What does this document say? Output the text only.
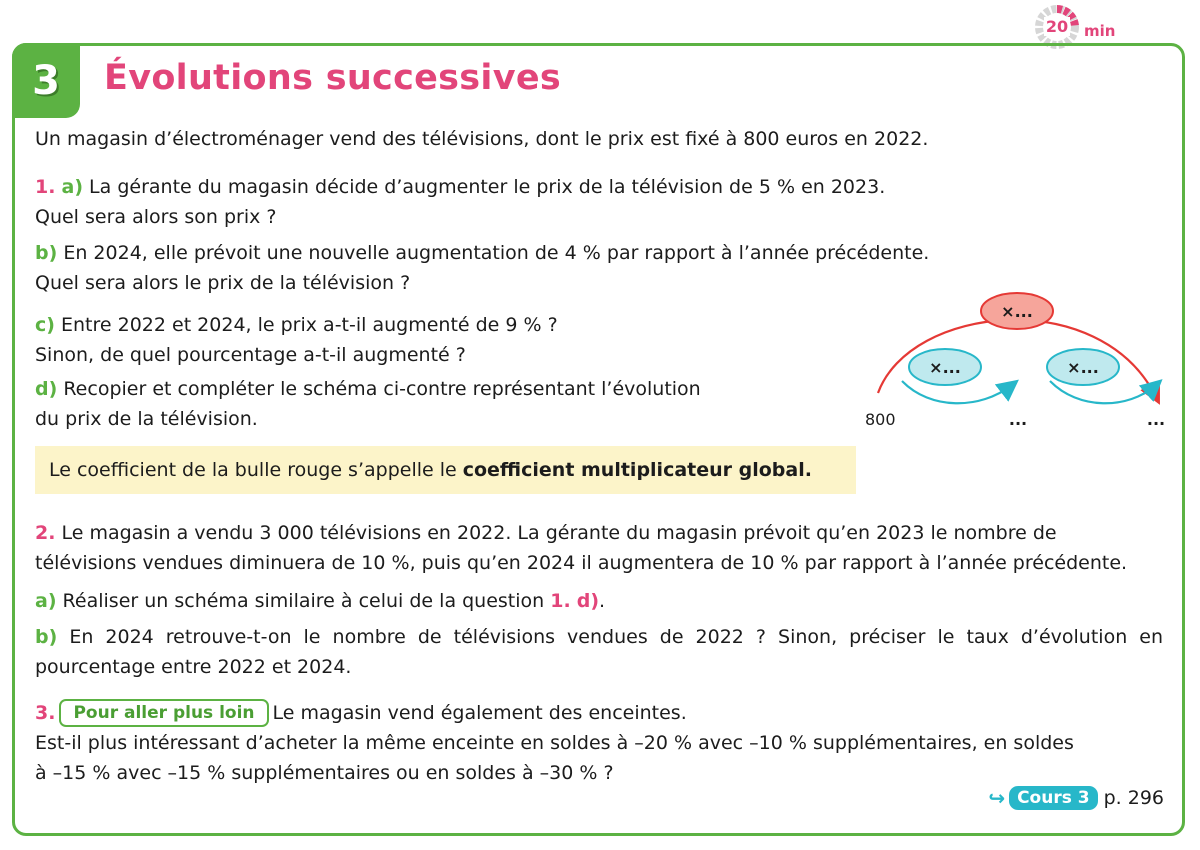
20 min
3	Évolutions successives
Un magasin d’électroménager vend des télévisions, dont le prix est fixé à 800 euros en 2022.
1. a) La gérante du magasin décide d’augmenter le prix de la télévision de 5 % en 2023.
Quel sera alors son prix ?
b) En 2024, elle prévoit une nouvelle augmentation de 4 % par rapport à l’année précédente.
Quel sera alors le prix de la télévision ?
c) Entre 2022 et 2024, le prix a-t-il augmenté de 9 % ?
Sinon, de quel pourcentage a-t-il augmenté ?
d) Recopier et compléter le schéma ci-contre représentant l’évolution
du prix de la télévision.
×...
×...	×...
800	...	...
Le coefficient de la bulle rouge s’appelle le coefficient multiplicateur global.
2. Le magasin a vendu 3 000 télévisions en 2022. La gérante du magasin prévoit qu’en 2023 le nombre de
télévisions vendues diminuera de 10 %, puis qu’en 2024 il augmentera de 10 % par rapport à l’année précédente.
a) Réaliser un schéma similaire à celui de la question 1. d).
b) En 2024 retrouve-t-on le nombre de télévisions vendues de 2022 ? Sinon, préciser le taux d’évolution en pourcentage entre 2022 et 2024.
3. Pour aller plus loin Le magasin vend également des enceintes.
Est-il plus intéressant d’acheter la même enceinte en soldes à –20 % avec –10 % supplémentaires, en soldes
à –15 % avec –15 % supplémentaires ou en soldes à –30 % ?
↪ Cours 3 p. 296
